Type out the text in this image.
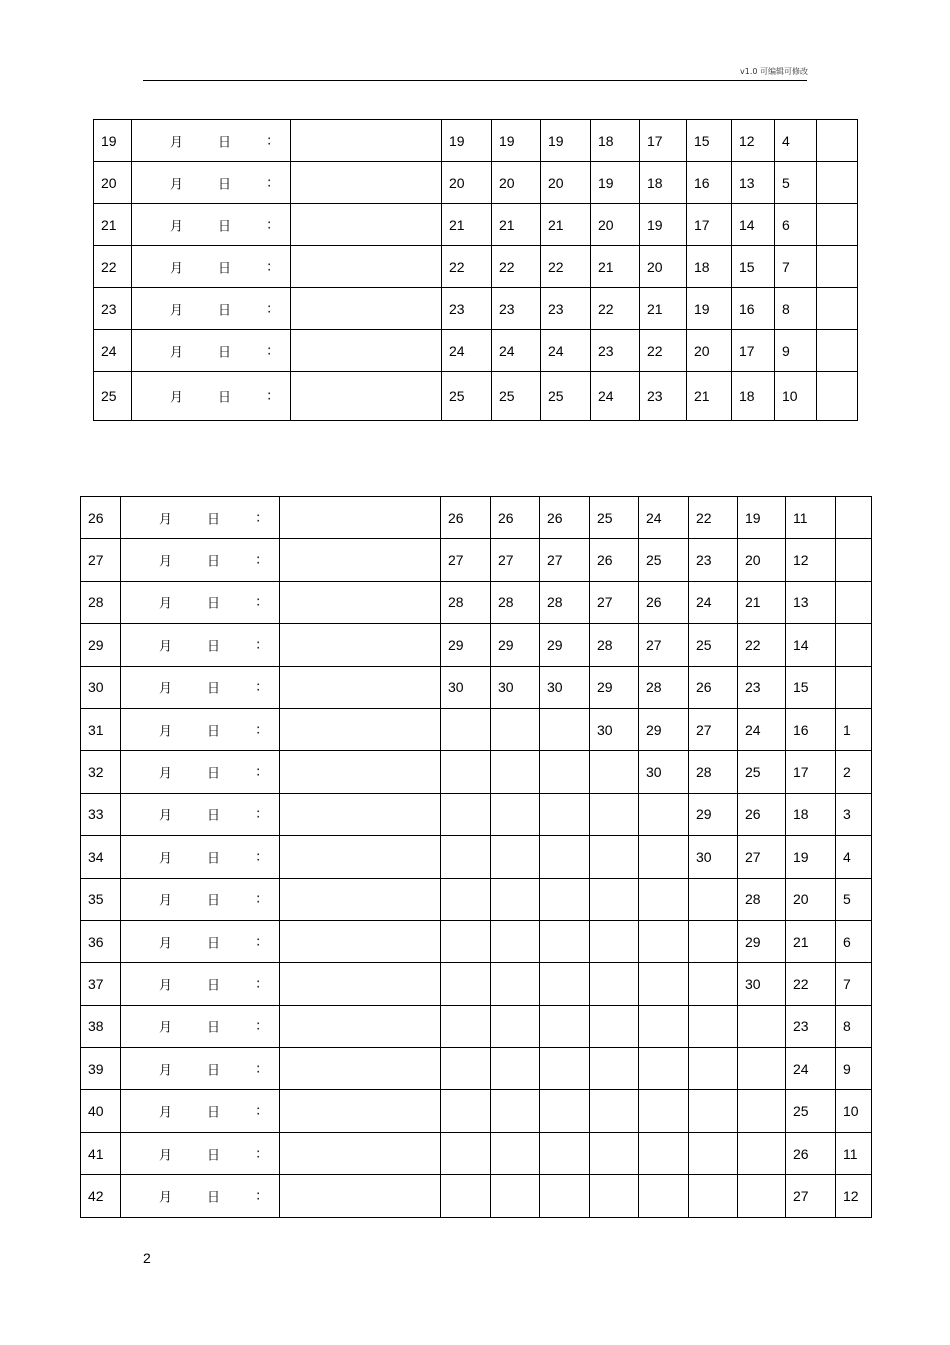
v1.0 可编辑可修改
19	月 日 :		19	19	19	18	17	15	12	4	
20	月 日 :		20	20	20	19	18	16	13	5	
21	月 日 :		21	21	21	20	19	17	14	6	
22	月 日 :		22	22	22	21	20	18	15	7	
23	月 日 :		23	23	23	22	21	19	16	8	
24	月 日 :		24	24	24	23	22	20	17	9	
25	月 日 :		25	25	25	24	23	21	18	10	
26	月 日 :		26	26	26	25	24	22	19	11	
27	月 日 :		27	27	27	26	25	23	20	12	
28	月 日 :		28	28	28	27	26	24	21	13	
29	月 日 :		29	29	29	28	27	25	22	14	
30	月 日 :		30	30	30	29	28	26	23	15	
31	月 日 :					30	29	27	24	16	1
32	月 日 :						30	28	25	17	2
33	月 日 :							29	26	18	3
34	月 日 :							30	27	19	4
35	月 日 :								28	20	5
36	月 日 :								29	21	6
37	月 日 :								30	22	7
38	月 日 :									23	8
39	月 日 :									24	9
40	月 日 :									25	10
41	月 日 :									26	11
42	月 日 :									27	12
2
